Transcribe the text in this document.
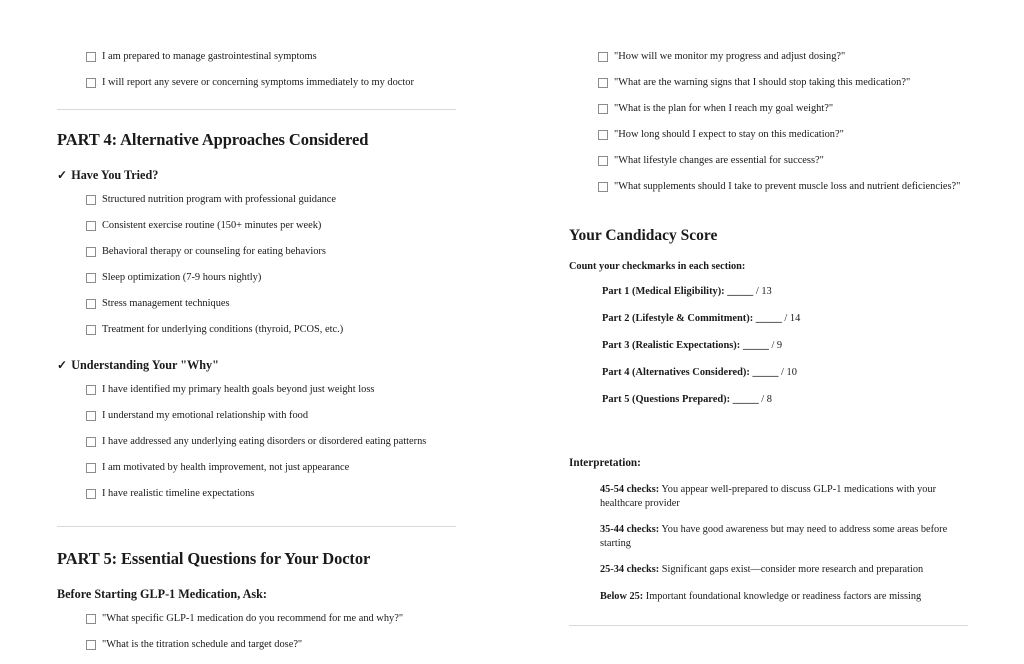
I am prepared to manage gastrointestinal symptoms
I will report any severe or concerning symptoms immediately to my doctor
PART 4: Alternative Approaches Considered
✓ Have You Tried?
Structured nutrition program with professional guidance
Consistent exercise routine (150+ minutes per week)
Behavioral therapy or counseling for eating behaviors
Sleep optimization (7-9 hours nightly)
Stress management techniques
Treatment for underlying conditions (thyroid, PCOS, etc.)
✓ Understanding Your "Why"
I have identified my primary health goals beyond just weight loss
I understand my emotional relationship with food
I have addressed any underlying eating disorders or disordered eating patterns
I am motivated by health improvement, not just appearance
I have realistic timeline expectations
PART 5: Essential Questions for Your Doctor
Before Starting GLP-1 Medication, Ask:
"What specific GLP-1 medication do you recommend for me and why?"
"What is the titration schedule and target dose?"
"How will we monitor my progress and adjust dosing?"
"What are the warning signs that I should stop taking this medication?"
"What is the plan for when I reach my goal weight?"
"How long should I expect to stay on this medication?"
"What lifestyle changes are essential for success?"
"What supplements should I take to prevent muscle loss and nutrient deficiencies?"
Your Candidacy Score

Count your checkmarks in each section:

Part 1 (Medical Eligibility): _____ / 13
Part 2 (Lifestyle & Commitment): _____ / 14
Part 3 (Realistic Expectations): _____ / 9
Part 4 (Alternatives Considered): _____ / 10
Part 5 (Questions Prepared): _____ / 8

Interpretation:

45-54 checks: You appear well-prepared to discuss GLP-1 medications with your healthcare provider
35-44 checks: You have good awareness but may need to address some areas before starting
25-34 checks: Significant gaps exist—consider more research and preparation
Below 25: Important foundational knowledge or readiness factors are missing
